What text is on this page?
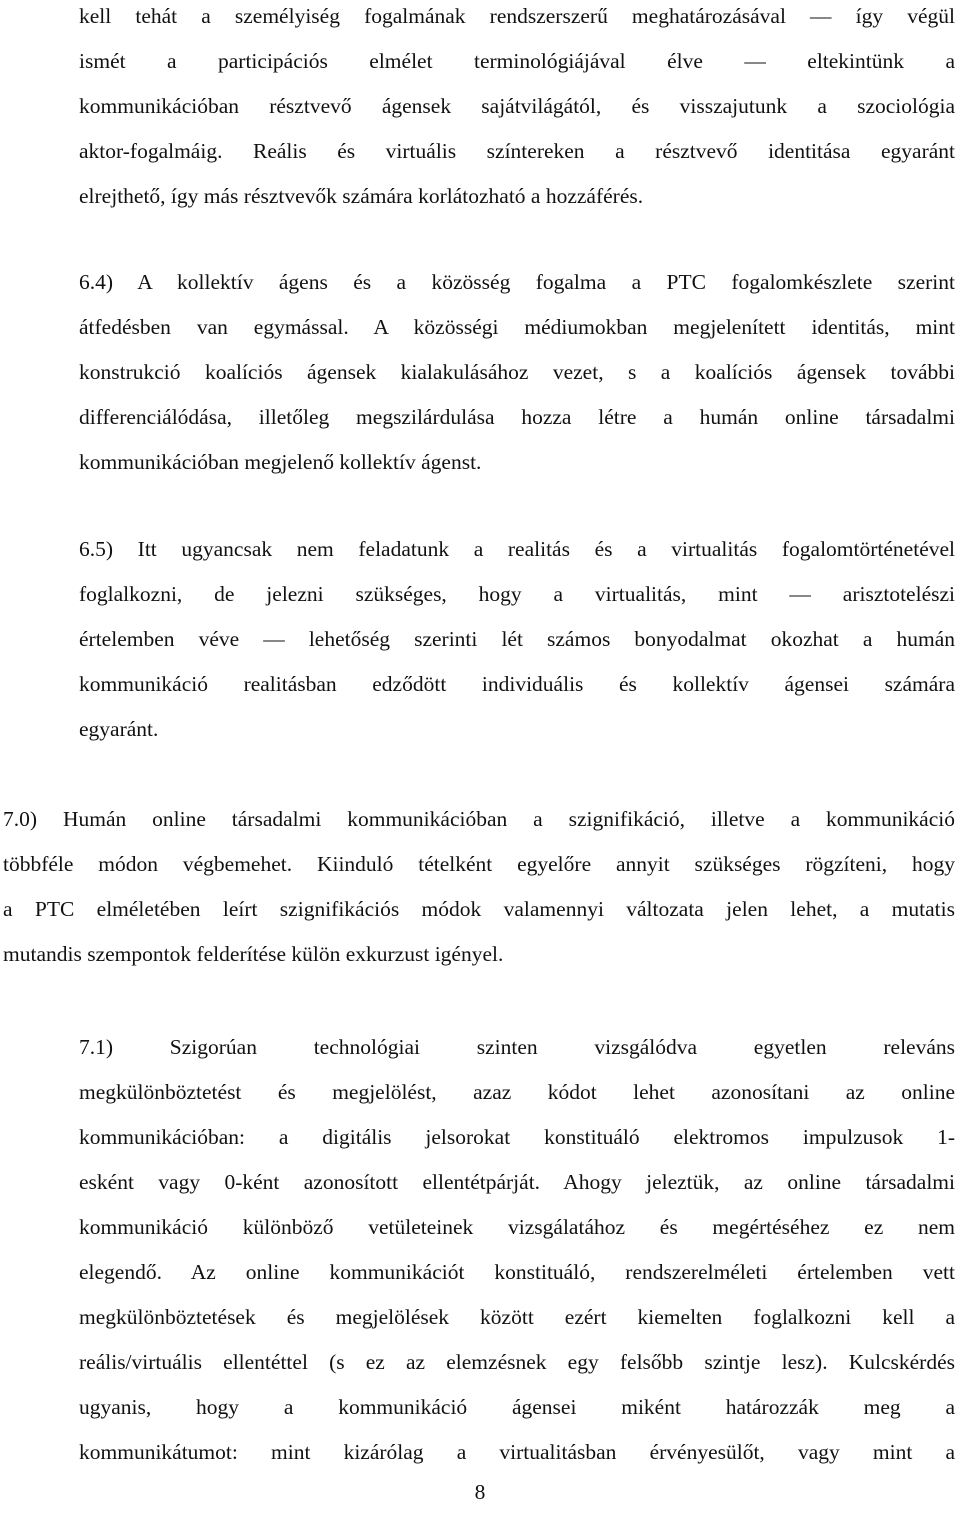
kell tehát a személyiség fogalmának rendszerszerű meghatározásával — így végül
ismét a participációs elmélet terminológiájával élve — eltekintünk a
kommunikációban résztvevő ágensek sajátvilágától, és visszajutunk a szociológia
aktor-fogalmáig. Reális és virtuális színtereken a résztvevő identitása egyaránt
elrejthető, így más résztvevők számára korlátozható a hozzáférés.
6.4) A kollektív ágens és a közösség fogalma a PTC fogalomkészlete szerint
átfedésben van egymással. A közösségi médiumokban megjelenített identitás, mint
konstrukció koalíciós ágensek kialakulásához vezet, s a koalíciós ágensek további
differenciálódása, illetőleg megszilárdulása hozza létre a humán online társadalmi
kommunikációban megjelenő kollektív ágenst.
6.5) Itt ugyancsak nem feladatunk a realitás és a virtualitás fogalomtörténetével
foglalkozni, de jelezni szükséges, hogy a virtualitás, mint — arisztotelészi
értelemben véve — lehetőség szerinti lét számos bonyodalmat okozhat a humán
kommunikáció realitásban edződött individuális és kollektív ágensei számára
egyaránt.
7.0) Humán online társadalmi kommunikációban a szignifikáció, illetve a kommunikáció
többféle módon végbemehet. Kiinduló tételként egyelőre annyit szükséges rögzíteni, hogy
a PTC elméletében leírt szignifikációs módok valamennyi változata jelen lehet, a mutatis
mutandis szempontok felderítése külön exkurzust igényel.
7.1) Szigorúan technológiai szinten vizsgálódva egyetlen releváns
megkülönböztetést és megjelölést, azaz kódot lehet azonosítani az online
kommunikációban: a digitális jelsorokat konstituáló elektromos impulzusok 1-
esként vagy 0-ként azonosított ellentétpárját. Ahogy jeleztük, az online társadalmi
kommunikáció különböző vetületeinek vizsgálatához és megértéséhez ez nem
elegendő. Az online kommunikációt konstituáló, rendszerelméleti értelemben vett
megkülönböztetések és megjelölések között ezért kiemelten foglalkozni kell a
reális/virtuális ellentéttel (s ez az elemzésnek egy felsőbb szintje lesz). Kulcskérdés
ugyanis, hogy a kommunikáció ágensei miként határozzák meg a
kommunikátumot: mint kizárólag a virtualitásban érvényesülőt, vagy mint a
8
